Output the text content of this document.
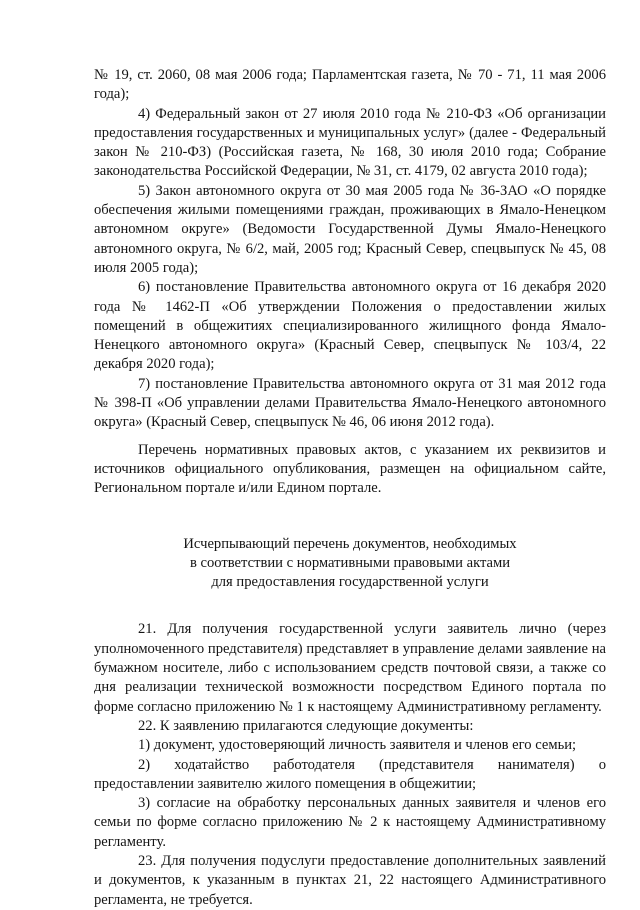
№ 19, ст. 2060, 08 мая 2006 года; Парламентская газета, № 70 - 71, 11 мая 2006 года);

4) Федеральный закон от 27 июля 2010 года № 210-ФЗ «Об организации предоставления государственных и муниципальных услуг» (далее - Федеральный закон № 210-ФЗ) (Российская газета, № 168, 30 июля 2010 года; Собрание законодательства Российской Федерации, № 31, ст. 4179, 02 августа 2010 года);

5) Закон автономного округа от 30 мая 2005 года № 36-ЗАО «О порядке обеспечения жилыми помещениями граждан, проживающих в Ямало-Ненецком автономном округе» (Ведомости Государственной Думы Ямало-Ненецкого автономного округа, № 6/2, май, 2005 год; Красный Север, спецвыпуск № 45, 08 июля 2005 года);

6) постановление Правительства автономного округа от 16 декабря 2020 года № 1462-П «Об утверждении Положения о предоставлении жилых помещений в общежитиях специализированного жилищного фонда Ямало-Ненецкого автономного округа» (Красный Север, спецвыпуск № 103/4, 22 декабря 2020 года);

7) постановление Правительства автономного округа от 31 мая 2012 года № 398-П «Об управлении делами Правительства Ямало-Ненецкого автономного округа» (Красный Север, спецвыпуск № 46, 06 июня 2012 года).

Перечень нормативных правовых актов, с указанием их реквизитов и источников официального опубликования, размещен на официальном сайте, Региональном портале и/или Едином портале.

Исчерпывающий перечень документов, необходимых
в соответствии с нормативными правовыми актами
для предоставления государственной услуги

21. Для получения государственной услуги заявитель лично (через уполномоченного представителя) представляет в управление делами заявление на бумажном носителе, либо с использованием средств почтовой связи, а также со дня реализации технической возможности посредством Единого портала по форме согласно приложению № 1 к настоящему Административному регламенту.

22. К заявлению прилагаются следующие документы:

1) документ, удостоверяющий личность заявителя и членов его семьи;

2) ходатайство работодателя (представителя нанимателя) о предоставлении заявителю жилого помещения в общежитии;

3) согласие на обработку персональных данных заявителя и членов его семьи по форме согласно приложению № 2 к настоящему Административному регламенту.

23. Для получения подуслуги предоставление дополнительных заявлений и документов, к указанным в пунктах 21, 22 настоящего Административного регламента, не требуется.
